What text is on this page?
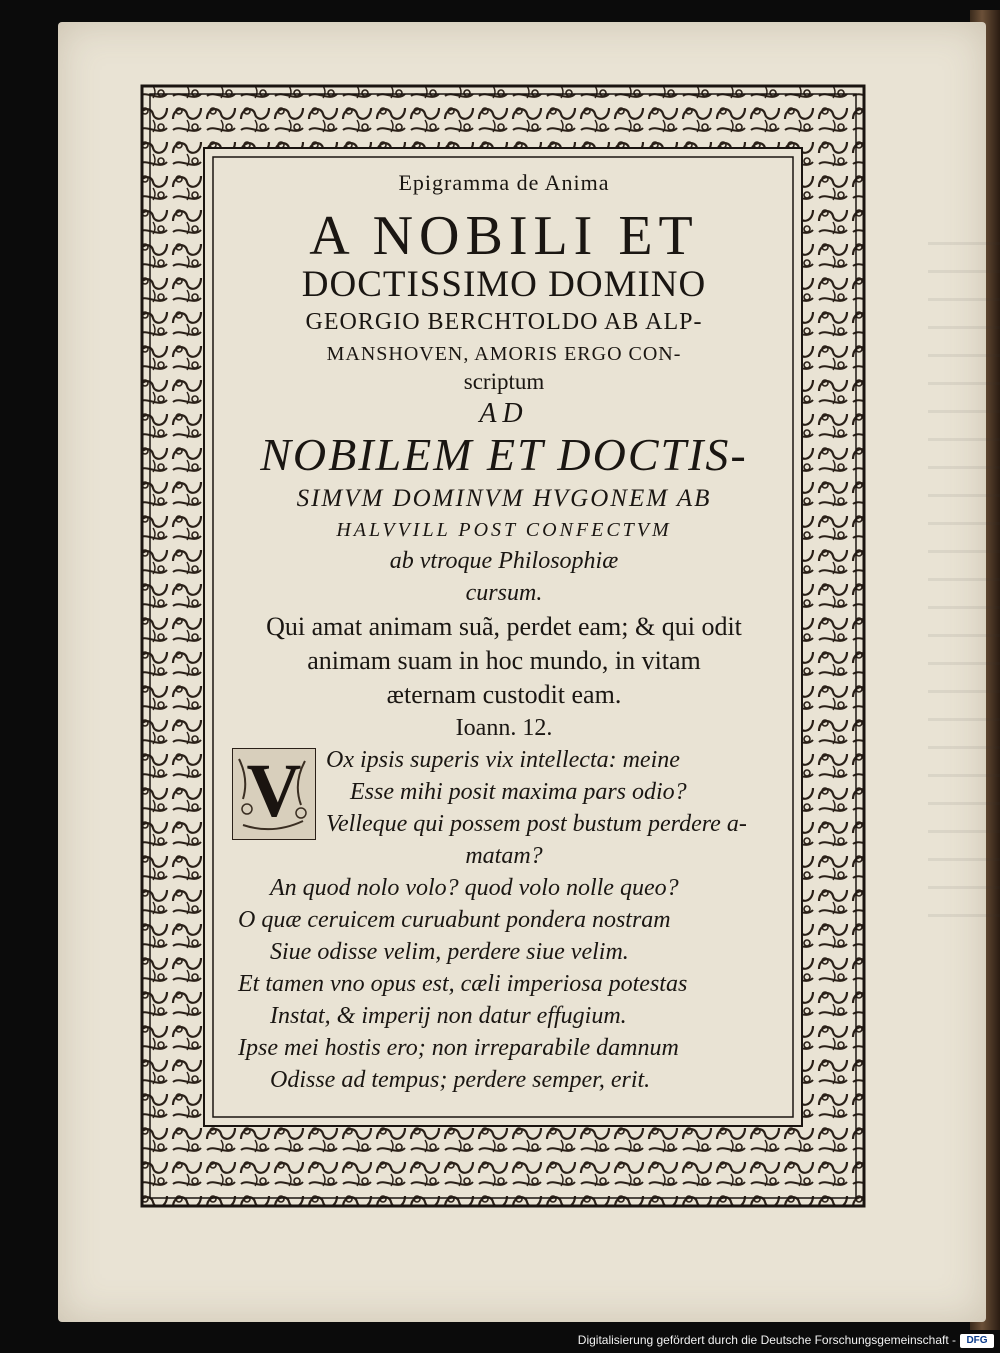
Epigramma de Anima
A NOBILI ET
DOCTISSIMO DOMINO
GEORGIO BERCHTOLDO AB ALP-
MANSHOVEN, AMORIS ERGO CON-
scriptum
AD
NOBILEM ET DOCTIS-
SIMVM DOMINVM HVGONEM AB
HALVVILL POST CONFECTVM
ab vtroque Philosophiæ
cursum.
Qui amat animam suã, perdet eam; & qui odit
animam suam in hoc mundo, in vitam
æternam custodit eam.
Ioann. 12.
V	Ox ipsis superis vix intellecta: meine
Esse mihi posit maxima pars odio?
Velleque qui possem post bustum perdere a-
matam?
An quod nolo volo? quod volo nolle queo?
O quæ ceruicem curuabunt pondera nostram
Siue odisse velim, perdere siue velim.
Et tamen vno opus est, cæli imperiosa potestas
Instat, & imperij non datur effugium.
Ipse mei hostis ero; non irreparabile damnum
Odisse ad tempus; perdere semper, erit.
Digitalisierung gefördert durch die Deutsche Forschungsgemeinschaft -	DFG
